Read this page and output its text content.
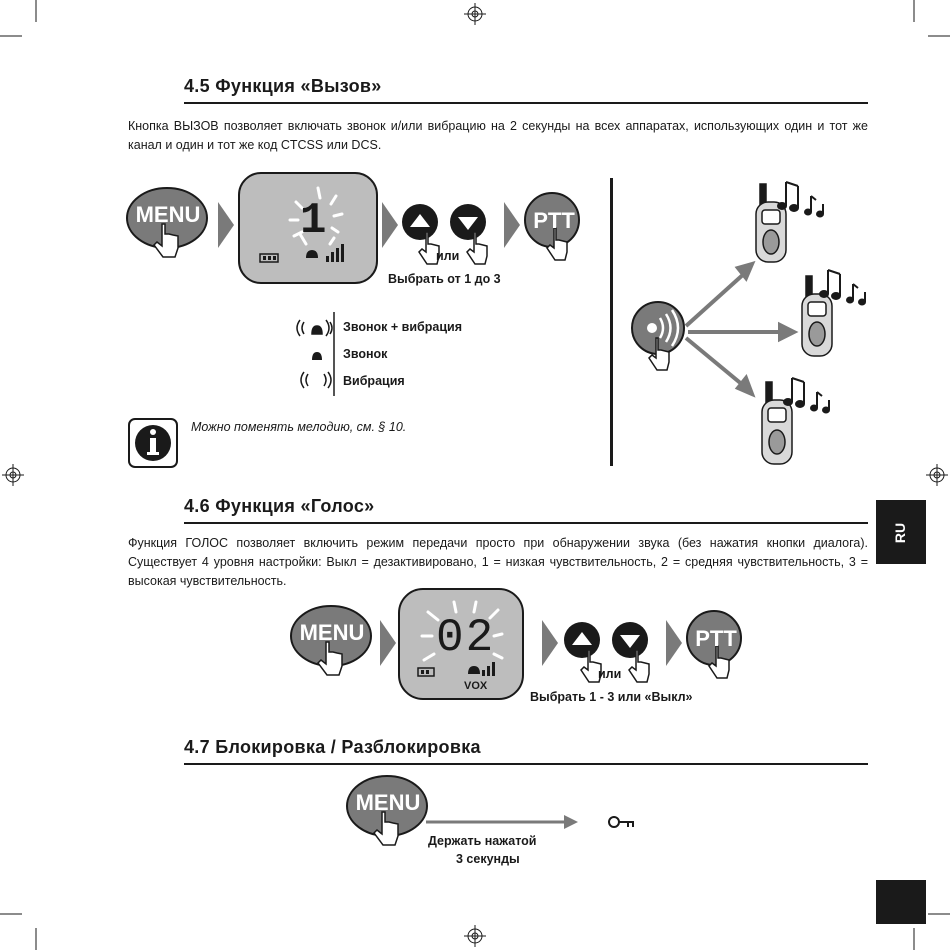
4.5 Функция «Вызов»
Кнопка ВЫЗОВ позволяет включать звонок и/или вибрацию на 2 секунды на всех аппаратах, использующих один и тот же канал и один и тот же код CTCSS или DCS.
MENU 1
или
Выбрать от 1 до 3
PTT
Звонок + вибрация
Звонок
Вибрация
Можно поменять мелодию, см. § 10.
4.6 Функция «Голос»
Функция ГОЛОС позволяет включить режим передачи просто при обнаружении звука (без нажатия кнопки диалога). Существует 4 уровня настройки: Выкл = дезактивировано, 1 = низкая чувствительность, 2 = средняя чувствительность, 3 = высокая чувствительность.
MENU 02
VOX
или
Выбрать 1 - 3 или «Выкл»
PTT
4.7 Блокировка / Разблокировка
MENU
Держать нажатой
3 секунды
RU
